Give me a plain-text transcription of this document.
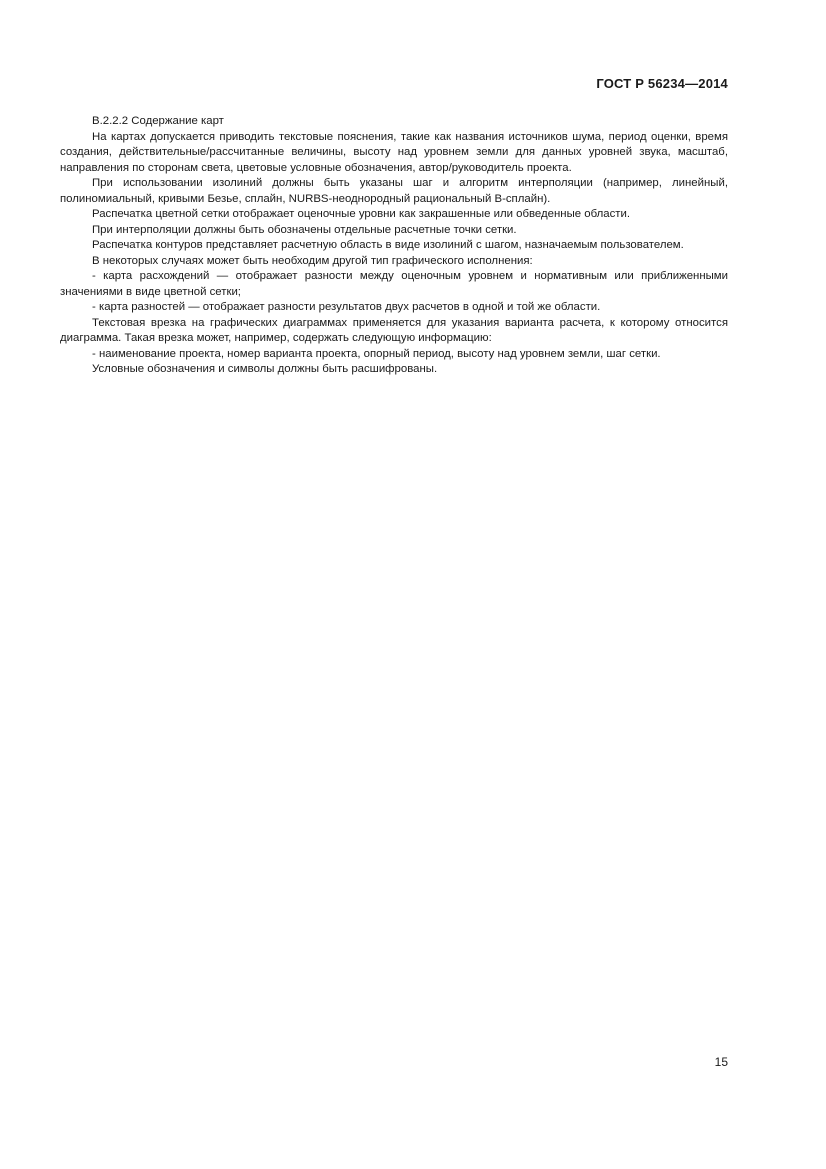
ГОСТ Р 56234—2014

В.2.2.2 Содержание карт

На картах допускается приводить текстовые пояснения, такие как названия источников шума, период оценки, время создания, действительные/рассчитанные величины, высоту над уровнем земли для данных уровней звука, масштаб, направления по сторонам света, цветовые условные обозначения, автор/руководитель проекта.

При использовании изолиний должны быть указаны шаг и алгоритм интерполяции (например, линейный, полиномиальный, кривыми Безье, сплайн, NURBS-неоднородный рациональный В-сплайн).

Распечатка цветной сетки отображает оценочные уровни как закрашенные или обведенные области.

При интерполяции должны быть обозначены отдельные расчетные точки сетки.

Распечатка контуров представляет расчетную область в виде изолиний с шагом, назначаемым пользователем.

В некоторых случаях может быть необходим другой тип графического исполнения:

- карта расхождений — отображает разности между оценочным уровнем и нормативным или приближенными значениями в виде цветной сетки;

- карта разностей — отображает разности результатов двух расчетов в одной и той же области.

Текстовая врезка на графических диаграммах применяется для указания варианта расчета, к которому относится диаграмма. Такая врезка может, например, содержать следующую информацию:

- наименование проекта, номер варианта проекта, опорный период, высоту над уровнем земли, шаг сетки.

Условные обозначения и символы должны быть расшифрованы.

15
